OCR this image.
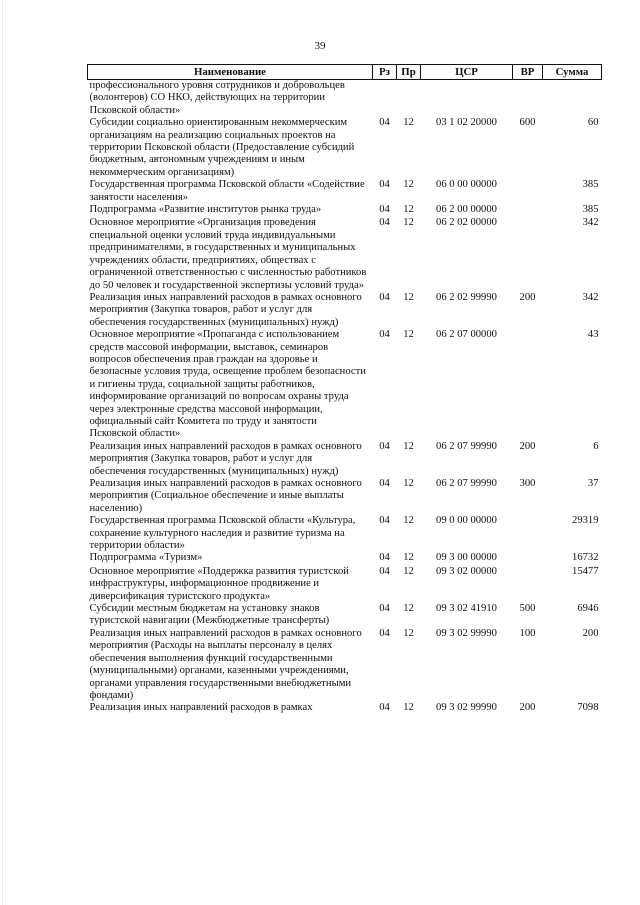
39
Наименование	Рз	Пр	ЦСР	ВР	Сумма
профессионального уровня сотрудников и добровольцев (волонтеров) СО НКО, действующих на территории Псковской области»					
Субсидии социально ориентированным некоммерческим организациям на реализацию социальных проектов на территории Псковской области (Предоставление субсидий бюджетным, автономным учреждениям и иным некоммерческим организациям)	04	12	03 1 02 20000	600	60
Государственная программа Псковской области «Содействие занятости населения»	04	12	06 0 00 00000		385
Подпрограмма «Развитие институтов рынка труда»	04	12	06 2 00 00000		385
Основное мероприятие «Организация проведения специальной оценки условий труда индивидуальными предпринимателями, в государственных и муниципальных учреждениях области, предприятиях, обществах с ограниченной ответственностью с численностью работников до 50 человек и государственной экспертизы условий труда»	04	12	06 2 02 00000		342
Реализация иных направлений расходов в рамках основного мероприятия (Закупка товаров, работ и услуг для обеспечения государственных (муниципальных) нужд)	04	12	06 2 02 99990	200	342
Основное мероприятие «Пропаганда с использованием средств массовой информации, выставок, семинаров вопросов обеспечения прав граждан на здоровье и безопасные условия труда, освещение проблем безопасности и гигиены труда, социальной защиты работников, информирование организаций по вопросам охраны труда через электронные средства массовой информации, официальный сайт Комитета по труду и занятости Псковской области»	04	12	06 2 07 00000		43
Реализация иных направлений расходов в рамках основного мероприятия (Закупка товаров, работ и услуг для обеспечения государственных (муниципальных) нужд)	04	12	06 2 07 99990	200	6
Реализация иных направлений расходов в рамках основного мероприятия (Социальное обеспечение и иные выплаты населению)	04	12	06 2 07 99990	300	37
Государственная программа Псковской области «Культура, сохранение культурного наследия и развитие туризма на территории области»	04	12	09 0 00 00000		29319
Подпрограмма «Туризм»	04	12	09 3 00 00000		16732
Основное мероприятие «Поддержка развития туристской инфраструктуры, информационное продвижение и диверсификация туристского продукта»	04	12	09 3 02 00000		15477
Субсидии местным бюджетам на установку знаков туристской навигации (Межбюджетные трансферты)	04	12	09 3 02 41910	500	6946
Реализация иных направлений расходов в рамках основного мероприятия (Расходы на выплаты персоналу в целях обеспечения выполнения функций государственными (муниципальными) органами, казенными учреждениями, органами управления государственными внебюджетными фондами)	04	12	09 3 02 99990	100	200
Реализация иных направлений расходов в рамках	04	12	09 3 02 99990	200	7098
